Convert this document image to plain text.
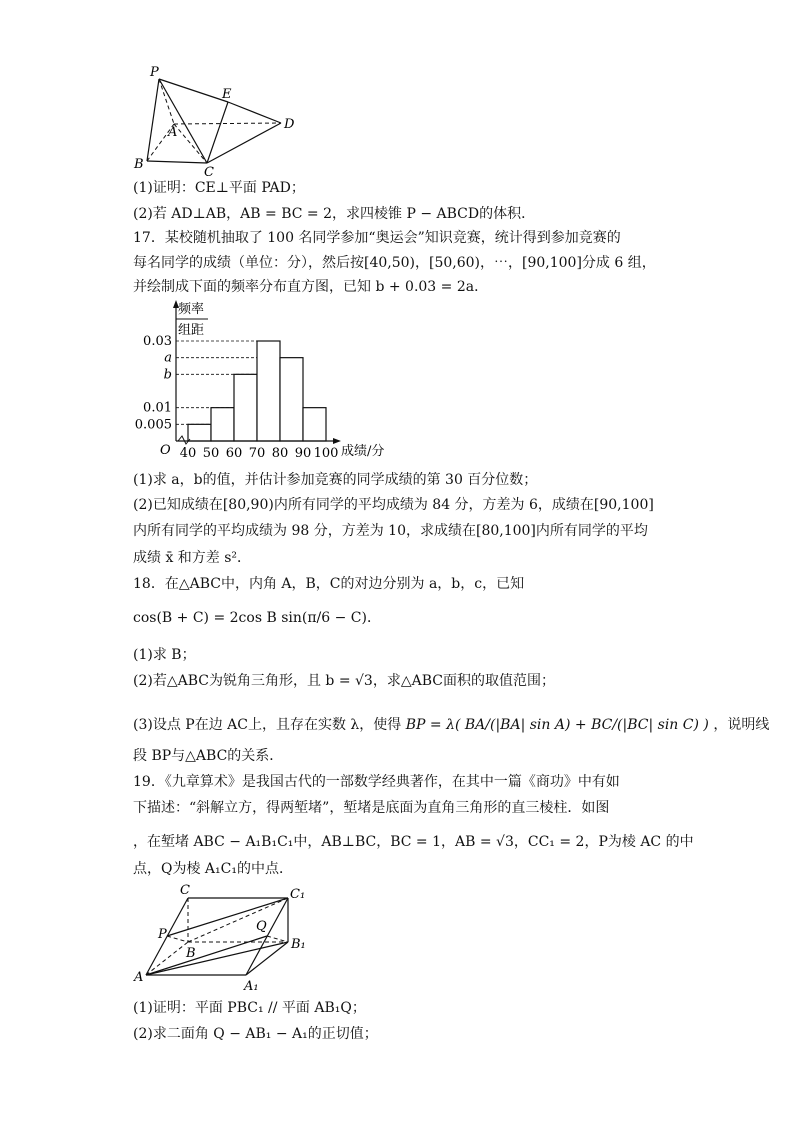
P
E
A
D
B
C
(1)证明：CE⊥平面 PAD；
(2)若 AD⊥AB，AB = BC = 2，求四棱锥 P − ABCD的体积．
17．某校随机抽取了 100 名同学参加“奥运会”知识竞赛，统计得到参加竞赛的
每名同学的成绩（单位：分），然后按[40,50)，[50,60)，⋯，[90,100]分成 6 组，
并绘制成下面的频率分布直方图，已知 b + 0.03 = 2a．
频率
组距
0.03
a
b
0.01
0.005
40 50 60 70 80 90 100
O	成绩/分
(1)求 a，b的值，并估计参加竞赛的同学成绩的第 30 百分位数；
(2)已知成绩在[80,90)内所有同学的平均成绩为 84 分，方差为 6，成绩在[90,100]
内所有同学的平均成绩为 98 分，方差为 10，求成绩在[80,100]内所有同学的平均
成绩 x̄ 和方差 s²．
18．在△ABC中，内角 A，B，C的对边分别为 a，b，c，已知
cos(B + C) = 2cos B sin(π/6 − C)．
(1)求 B；
(2)若△ABC为锐角三角形，且 b = √3，求△ABC面积的取值范围；
(3)设点 P在边 AC上，且存在实数 λ，使得 BP = λ( BA/(|BA| sin A) + BC/(|BC| sin C) ) ，说明线
段 BP与△ABC的关系．
19．《九章算术》是我国古代的一部数学经典著作，在其中一篇《商功》中有如
下描述：“斜解立方，得两堑堵”，堑堵是底面为直角三角形的直三棱柱．如图
，在堑堵 ABC − A₁B₁C₁中，AB⊥BC，BC = 1，AB = √3，CC₁ = 2，P为棱 AC 的中
点，Q为棱 A₁C₁的中点．
C	C₁
P
Q
B
B₁
A
A₁
(1)证明：平面 PBC₁ // 平面 AB₁Q；
(2)求二面角 Q − AB₁ − A₁的正切值；
